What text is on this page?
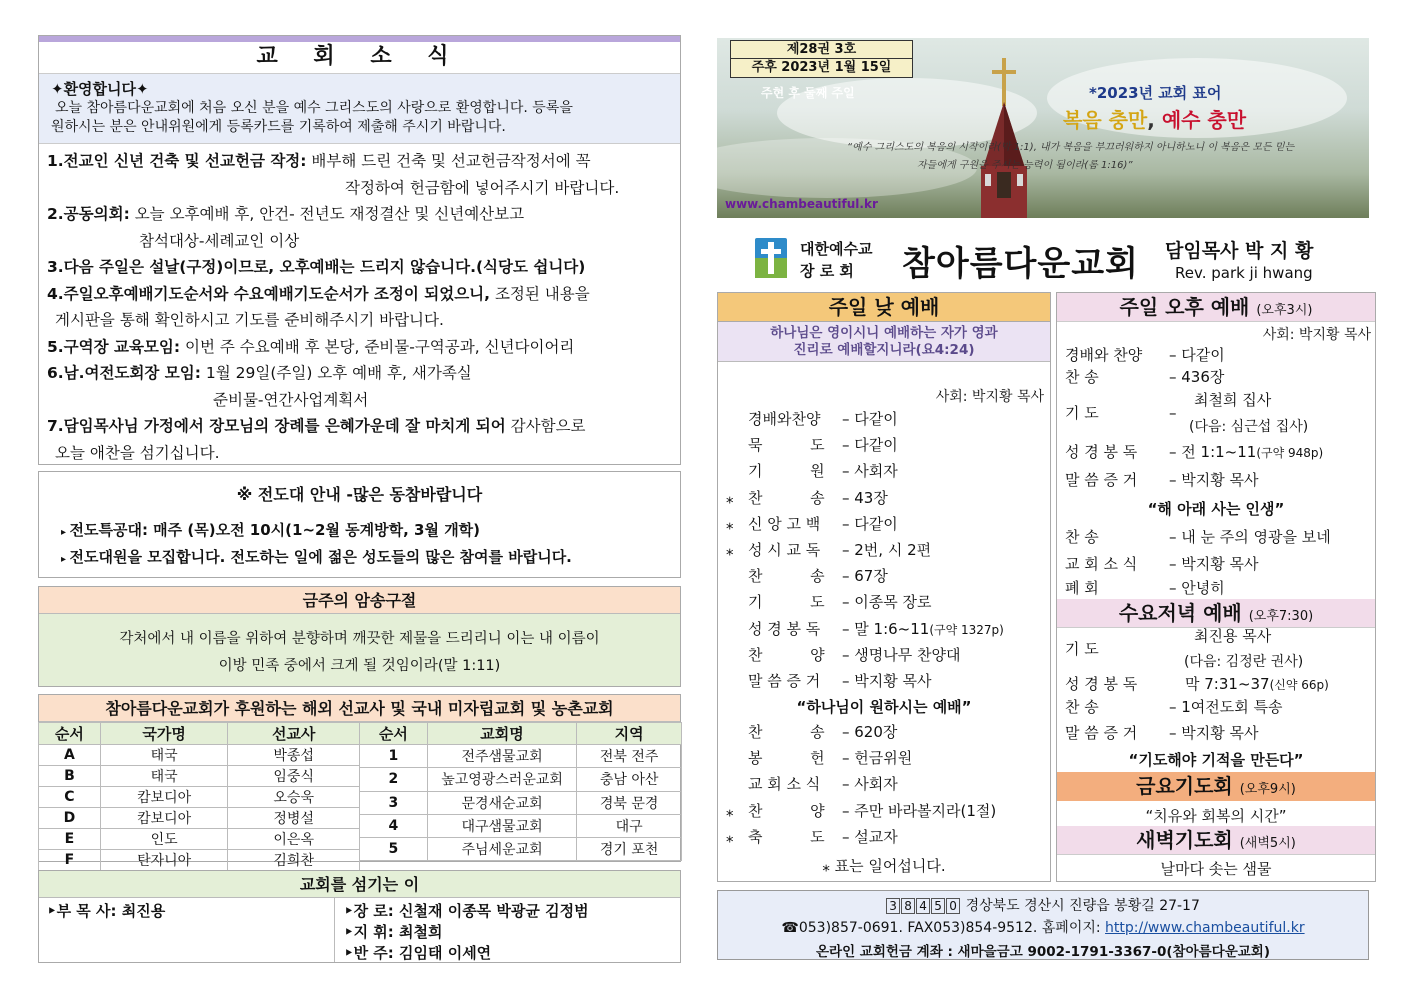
교 회 소 식
✦환영합니다✦
오늘 참아름다운교회에 처음 오신 분을 예수 그리스도의 사랑으로 환영합니다. 등록을
원하시는 분은 안내위원에게 등록카드를 기록하여 제출해 주시기 바랍니다.
1.전교인 신년 건축 및 선교헌금 작정: 배부해 드린 건축 및 선교헌금작정서에 꼭
작정하여 헌금함에 넣어주시기 바랍니다.
2.공동의회: 오늘 오후예배 후, 안건- 전년도 재정결산 및 신년예산보고
참석대상-세례교인 이상
3.다음 주일은 설날(구정)이므로, 오후예배는 드리지 않습니다.(식당도 쉽니다)
4.주일오후예배기도순서와 수요예배기도순서가 조정이 되었으니, 조정된 내용을
게시판을 통해 확인하시고 기도를 준비해주시기 바랍니다.
5.구역장 교육모임: 이번 주 수요예배 후 본당, 준비물-구역공과, 신년다이어리
6.남.여전도회장 모임: 1월 29일(주일) 오후 예배 후, 새가족실
준비물-연간사업계획서
7.담임목사님 가정에서 장모님의 장례를 은혜가운데 잘 마치게 되어 감사함으로
오늘 애찬을 섬기십니다.
※ 전도대 안내 -많은 동참바랍니다
▸ 전도특공대: 매주 (목)오전 10시(1~2월 동계방학, 3월 개학)
▸ 전도대원을 모집합니다. 전도하는 일에 젊은 성도들의 많은 참여를 바랍니다.
금주의 암송구절
각처에서 내 이름을 위하여 분향하며 깨끗한 제물을 드리리니 이는 내 이름이
이방 민족 중에서 크게 될 것임이라(말 1:11)
참아름다운교회가 후원하는 해외 선교사 및 국내 미자립교회 및 농촌교회
순서	국가명	선교사
A	태국	박종섭
B	태국	임중식
C	캄보디아	오승욱
D	캄보디아	정병설
E	인도	이은옥
F	탄자니아	김희찬
순서	교회명	지역
1	전주샘물교회	전북 전주
2	높고영광스러운교회	충남 아산
3	문경새순교회	경북 문경
4	대구샘물교회	대구
5	주님세운교회	경기 포천
교회를 섬기는 이
‣부 목 사: 최진용	‣장 로: 신철재 이종목 박광균 김정범
‣지 휘: 최철희
‣반 주: 김임태 이세연
주현 후 둘째 주일	*2023년 교회 표어
복음 충만, 예수 충만
“예수 그리스도의 복음의 시작이라(막 1:1), 내가 복음을 부끄러워하지 아니하노니 이 복음은 모든 믿는
자들에게 구원을 주시는 능력이 됨이라(롬 1:16)”
www.chambeautiful.kr
제28권 3호
주후 2023년 1월 15일
대한예수교
장 로 회 참아름다운교회 담임목사 박 지 황
Rev. park ji hwang
주일 낮 예배
하나님은 영이시니 예배하는 자가 영과
진리로 예배할지니라(요4:24)
사회: 박지황 목사
경배와찬양 – 다같이
묵          도 – 다같이
기          원 – 사회자
⁎ 찬          송 – 43장
⁎ 신 앙 고 백 – 다같이
⁎ 성 시 교 독 – 2번, 시 2편
찬          송 – 67장
기          도 – 이종목 장로
성 경 봉 독 – 말 1:6~11(구약 1327p)
찬          양 – 생명나무 찬양대
말 씀 증 거 – 박지황 목사
“하나님이 원하시는 예배”
찬          송 – 620장
봉          헌 – 헌금위원
교 회 소 식 – 사회자
⁎ 찬          양 – 주만 바라볼지라(1절)
⁎ 축          도 – 설교자
⁎ 표는 일어섭니다.
주일 오후 예배 (오후3시)
사회: 박지황 목사
경배와 찬양 – 다같이
찬 송	– 436장
기 도	–
최철희 집사
(다음: 심근섭 집사)
성 경 봉 독 – 전 1:1~11(구약 948p)
말 씀 증 거 – 박지황 목사
“해 아래 사는 인생”
찬 송	– 내 눈 주의 영광을 보네
교 회 소 식 – 박지황 목사
폐 회	– 안녕히
수요저녁 예배 (오후7:30)
기 도
최진용 목사
(다음: 김정란 권사)
성 경 봉 독	막 7:31~37(신약 66p)
찬 송	– 1여전도회 특송
말 씀 증 거 – 박지황 목사
“기도해야 기적을 만든다”
금요기도회 (오후9시)
“치유와 회복의 시간”
새벽기도회 (새벽5시)
날마다 솟는 샘물
3 8 4 5 0 경상북도 경산시 진량읍 봉황길 27-17
☎053)857-0691. FAX053)854-9512. 홈페이지: http://www.chambeautiful.kr
온라인 교회헌금 계좌 : 새마을금고 9002-1791-3367-0(참아름다운교회)
